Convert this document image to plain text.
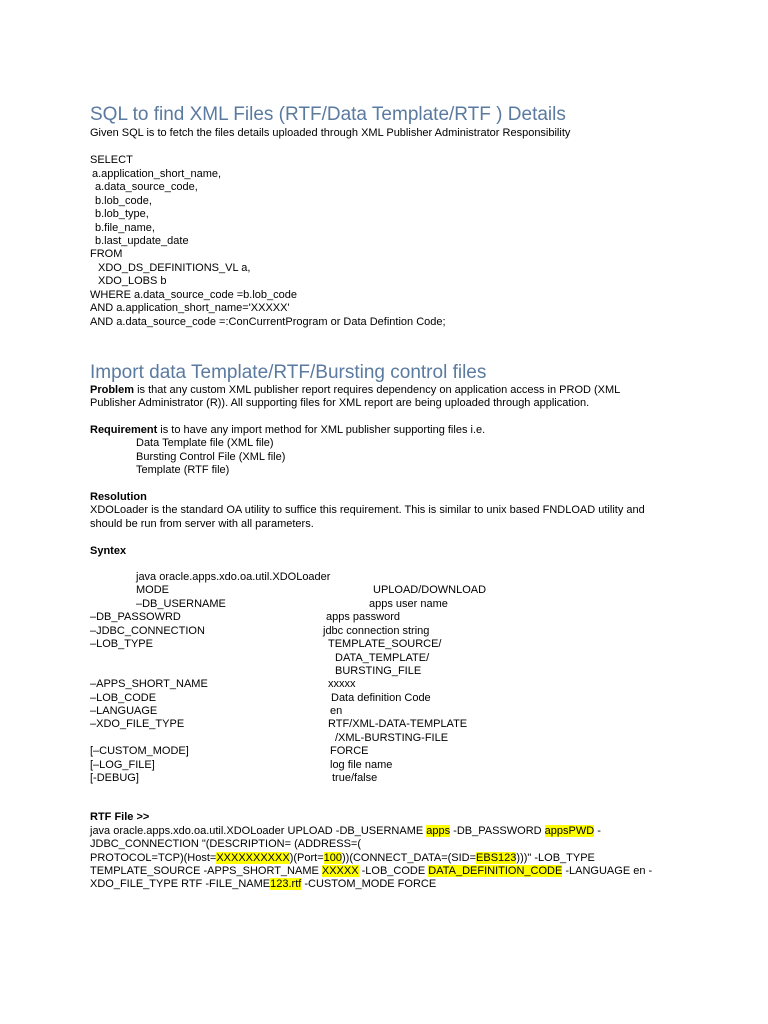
SQL to find XML Files (RTF/Data Template/RTF ) Details

Given SQL is to fetch the files details uploaded through XML Publisher Administrator Responsibility

SELECT

a.application_short_name,

a.data_source_code,

b.lob_code,

b.lob_type,

b.file_name,

b.last_update_date

FROM

XDO_DS_DEFINITIONS_VL a,

XDO_LOBS b

WHERE a.data_source_code =b.lob_code

AND a.application_short_name='XXXXX'

AND a.data_source_code =:ConCurrentProgram or Data Defintion Code;

Import data Template/RTF/Bursting control files

Problem is that any custom XML publisher report requires dependency on application access in PROD (XML

Publisher Administrator (R)). All supporting files for XML report are being uploaded through application.

Requirement is to have any import method for XML publisher supporting files i.e.

Data Template file (XML file)

Bursting Control File (XML file)

Template (RTF file)

Resolution

XDOLoader is the standard OA utility to suffice this requirement. This is similar to unix based FNDLOAD utility and

should be run from server with all parameters.

Syntex

java oracle.apps.xdo.oa.util.XDOLoader

MODE	UPLOAD/DOWNLOAD

–DB_USERNAME	apps user name

–DB_PASSOWRD	apps password

–JDBC_CONNECTION	jdbc connection string

–LOB_TYPE	TEMPLATE_SOURCE/

DATA_TEMPLATE/

BURSTING_FILE

–APPS_SHORT_NAME	xxxxx

–LOB_CODE	Data definition Code

–LANGUAGE	en

–XDO_FILE_TYPE	RTF/XML-DATA-TEMPLATE

/XML-BURSTING-FILE

[–CUSTOM_MODE]	FORCE

[–LOG_FILE]	log file name

[-DEBUG]	true/false

RTF File >>

java oracle.apps.xdo.oa.util.XDOLoader UPLOAD -DB_USERNAME apps -DB_PASSWORD appsPWD -

JDBC_CONNECTION "(DESCRIPTION= (ADDRESS=(

PROTOCOL=TCP)(Host=XXXXXXXXXX)(Port=100))(CONNECT_DATA=(SID=EBS123)))" -LOB_TYPE

TEMPLATE_SOURCE -APPS_SHORT_NAME XXXXX -LOB_CODE DATA_DEFINITION_CODE -LANGUAGE en -

XDO_FILE_TYPE RTF -FILE_NAME123.rtf -CUSTOM_MODE FORCE
